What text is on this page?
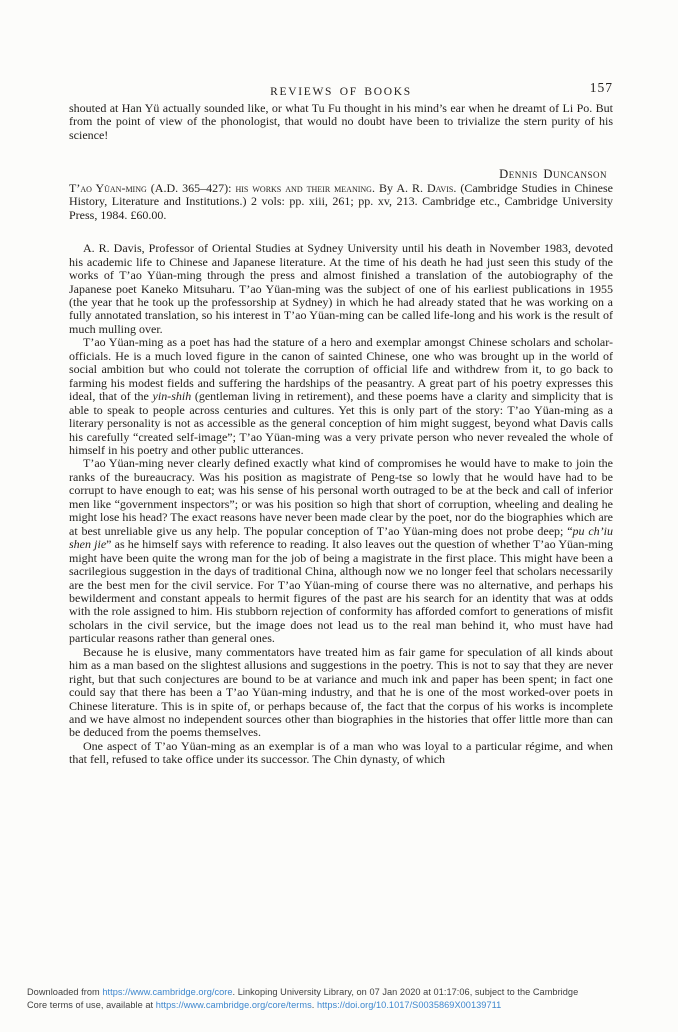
REVIEWS OF BOOKS	157

shouted at Han Yü actually sounded like, or what Tu Fu thought in his mind’s ear when he dreamt of Li Po. But from the point of view of the phonologist, that would no doubt have been to trivialize the stern purity of his science!

Dennis Duncanson

T’ao Yüan-ming (A.D. 365–427): his works and their meaning. By A. R. Davis. (Cambridge Studies in Chinese History, Literature and Institutions.) 2 vols: pp. xiii, 261; pp. xv, 213. Cambridge etc., Cambridge University Press, 1984. £60.00.

A. R. Davis, Professor of Oriental Studies at Sydney University until his death in November 1983, devoted his academic life to Chinese and Japanese literature. At the time of his death he had just seen this study of the works of T’ao Yüan-ming through the press and almost finished a translation of the autobiography of the Japanese poet Kaneko Mitsuharu. T’ao Yüan-ming was the subject of one of his earliest publications in 1955 (the year that he took up the professorship at Sydney) in which he had already stated that he was working on a fully annotated translation, so his interest in T’ao Yüan-ming can be called life-long and his work is the result of much mulling over.

T’ao Yüan-ming as a poet has had the stature of a hero and exemplar amongst Chinese scholars and scholar-officials. He is a much loved figure in the canon of sainted Chinese, one who was brought up in the world of social ambition but who could not tolerate the corruption of official life and withdrew from it, to go back to farming his modest fields and suffering the hardships of the peasantry. A great part of his poetry expresses this ideal, that of the yin-shih (gentleman living in retirement), and these poems have a clarity and simplicity that is able to speak to people across centuries and cultures. Yet this is only part of the story: T’ao Yüan-ming as a literary personality is not as accessible as the general conception of him might suggest, beyond what Davis calls his carefully “created self-image”; T’ao Yüan-ming was a very private person who never revealed the whole of himself in his poetry and other public utterances.

T’ao Yüan-ming never clearly defined exactly what kind of compromises he would have to make to join the ranks of the bureaucracy. Was his position as magistrate of Peng-tse so lowly that he would have had to be corrupt to have enough to eat; was his sense of his personal worth outraged to be at the beck and call of inferior men like “government inspectors”; or was his position so high that short of corruption, wheeling and dealing he might lose his head? The exact reasons have never been made clear by the poet, nor do the biographies which are at best unreliable give us any help. The popular conception of T’ao Yüan-ming does not probe deep; “pu ch’iu shen jie” as he himself says with reference to reading. It also leaves out the question of whether T’ao Yüan-ming might have been quite the wrong man for the job of being a magistrate in the first place. This might have been a sacrilegious suggestion in the days of traditional China, although now we no longer feel that scholars necessarily are the best men for the civil service. For T’ao Yüan-ming of course there was no alternative, and perhaps his bewilderment and constant appeals to hermit figures of the past are his search for an identity that was at odds with the role assigned to him. His stubborn rejection of conformity has afforded comfort to generations of misfit scholars in the civil service, but the image does not lead us to the real man behind it, who must have had particular reasons rather than general ones.

Because he is elusive, many commentators have treated him as fair game for speculation of all kinds about him as a man based on the slightest allusions and suggestions in the poetry. This is not to say that they are never right, but that such conjectures are bound to be at variance and much ink and paper has been spent; in fact one could say that there has been a T’ao Yüan-ming industry, and that he is one of the most worked-over poets in Chinese literature. This is in spite of, or perhaps because of, the fact that the corpus of his works is incomplete and we have almost no independent sources other than biographies in the histories that offer little more than can be deduced from the poems themselves.

One aspect of T’ao Yüan-ming as an exemplar is of a man who was loyal to a particular régime, and when that fell, refused to take office under its successor. The Chin dynasty, of which

Downloaded from https://www.cambridge.org/core. Linkoping University Library, on 07 Jan 2020 at 01:17:06, subject to the Cambridge
Core terms of use, available at https://www.cambridge.org/core/terms. https://doi.org/10.1017/S0035869X00139711
